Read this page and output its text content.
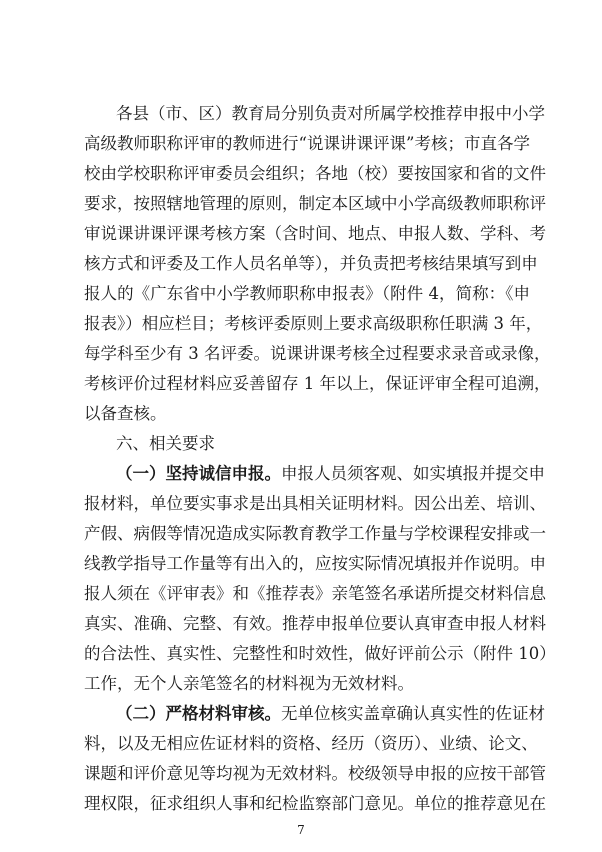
各县（市、区）教育局分别负责对所属学校推荐申报中小学
高级教师职称评审的教师进行“说课讲课评课”考核；市直各学
校由学校职称评审委员会组织；各地（校）要按国家和省的文件
要求，按照辖地管理的原则，制定本区域中小学高级教师职称评
审说课讲课评课考核方案（含时间、地点、申报人数、学科、考
核方式和评委及工作人员名单等），并负责把考核结果填写到申
报人的《广东省中小学教师职称申报表》（附件 4，简称：《申
报表》）相应栏目；考核评委原则上要求高级职称任职满 3 年，
每学科至少有 3 名评委。说课讲课考核全过程要求录音或录像，
考核评价过程材料应妥善留存 1 年以上，保证评审全程可追溯，
以备查核。
六、相关要求
（一）坚持诚信申报。申报人员须客观、如实填报并提交申
报材料，单位要实事求是出具相关证明材料。因公出差、培训、
产假、病假等情况造成实际教育教学工作量与学校课程安排或一
线教学指导工作量等有出入的，应按实际情况填报并作说明。申
报人须在《评审表》和《推荐表》亲笔签名承诺所提交材料信息
真实、准确、完整、有效。推荐申报单位要认真审查申报人材料
的合法性、真实性、完整性和时效性，做好评前公示（附件 10）
工作，无个人亲笔签名的材料视为无效材料。
（二）严格材料审核。无单位核实盖章确认真实性的佐证材
料，以及无相应佐证材料的资格、经历（资历）、业绩、论文、
课题和评价意见等均视为无效材料。校级领导申报的应按干部管
理权限，征求组织人事和纪检监察部门意见。单位的推荐意见在
7
